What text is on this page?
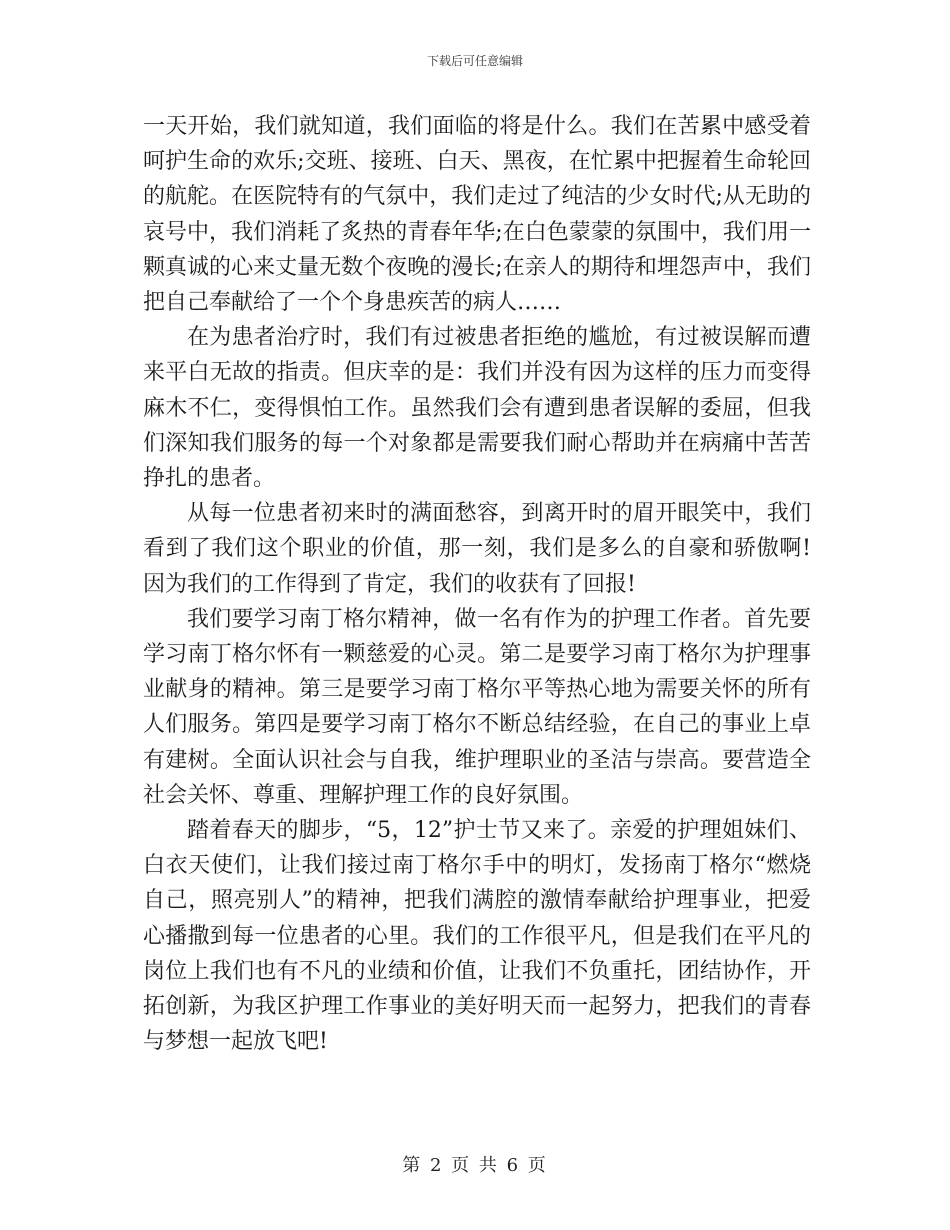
下载后可任意编辑

一天开始，我们就知道，我们面临的将是什么。我们在苦累中感受着呵护生命的欢乐;交班、接班、白天、黑夜，在忙累中把握着生命轮回的航舵。在医院特有的气氛中，我们走过了纯洁的少女时代;从无助的哀号中，我们消耗了炙热的青春年华;在白色蒙蒙的氛围中，我们用一颗真诚的心来丈量无数个夜晚的漫长;在亲人的期待和埋怨声中，我们把自己奉献给了一个个身患疾苦的病人……

在为患者治疗时，我们有过被患者拒绝的尴尬，有过被误解而遭来平白无故的指责。但庆幸的是：我们并没有因为这样的压力而变得麻木不仁，变得惧怕工作。虽然我们会有遭到患者误解的委屈，但我们深知我们服务的每一个对象都是需要我们耐心帮助并在病痛中苦苦挣扎的患者。

从每一位患者初来时的满面愁容，到离开时的眉开眼笑中，我们看到了我们这个职业的价值，那一刻，我们是多么的自豪和骄傲啊!因为我们的工作得到了肯定，我们的收获有了回报!

我们要学习南丁格尔精神，做一名有作为的护理工作者。首先要学习南丁格尔怀有一颗慈爱的心灵。第二是要学习南丁格尔为护理事业献身的精神。第三是要学习南丁格尔平等热心地为需要关怀的所有人们服务。第四是要学习南丁格尔不断总结经验，在自己的事业上卓有建树。全面认识社会与自我，维护理职业的圣洁与崇高。要营造全社会关怀、尊重、理解护理工作的良好氛围。

踏着春天的脚步，“5，12”护士节又来了。亲爱的护理姐妹们、白衣天使们，让我们接过南丁格尔手中的明灯，发扬南丁格尔“燃烧自己，照亮别人”的精神，把我们满腔的激情奉献给护理事业，把爱心播撒到每一位患者的心里。我们的工作很平凡，但是我们在平凡的岗位上我们也有不凡的业绩和价值，让我们不负重托，团结协作，开拓创新，为我区护理工作事业的美好明天而一起努力，把我们的青春与梦想一起放飞吧!

第 2 页 共 6 页
